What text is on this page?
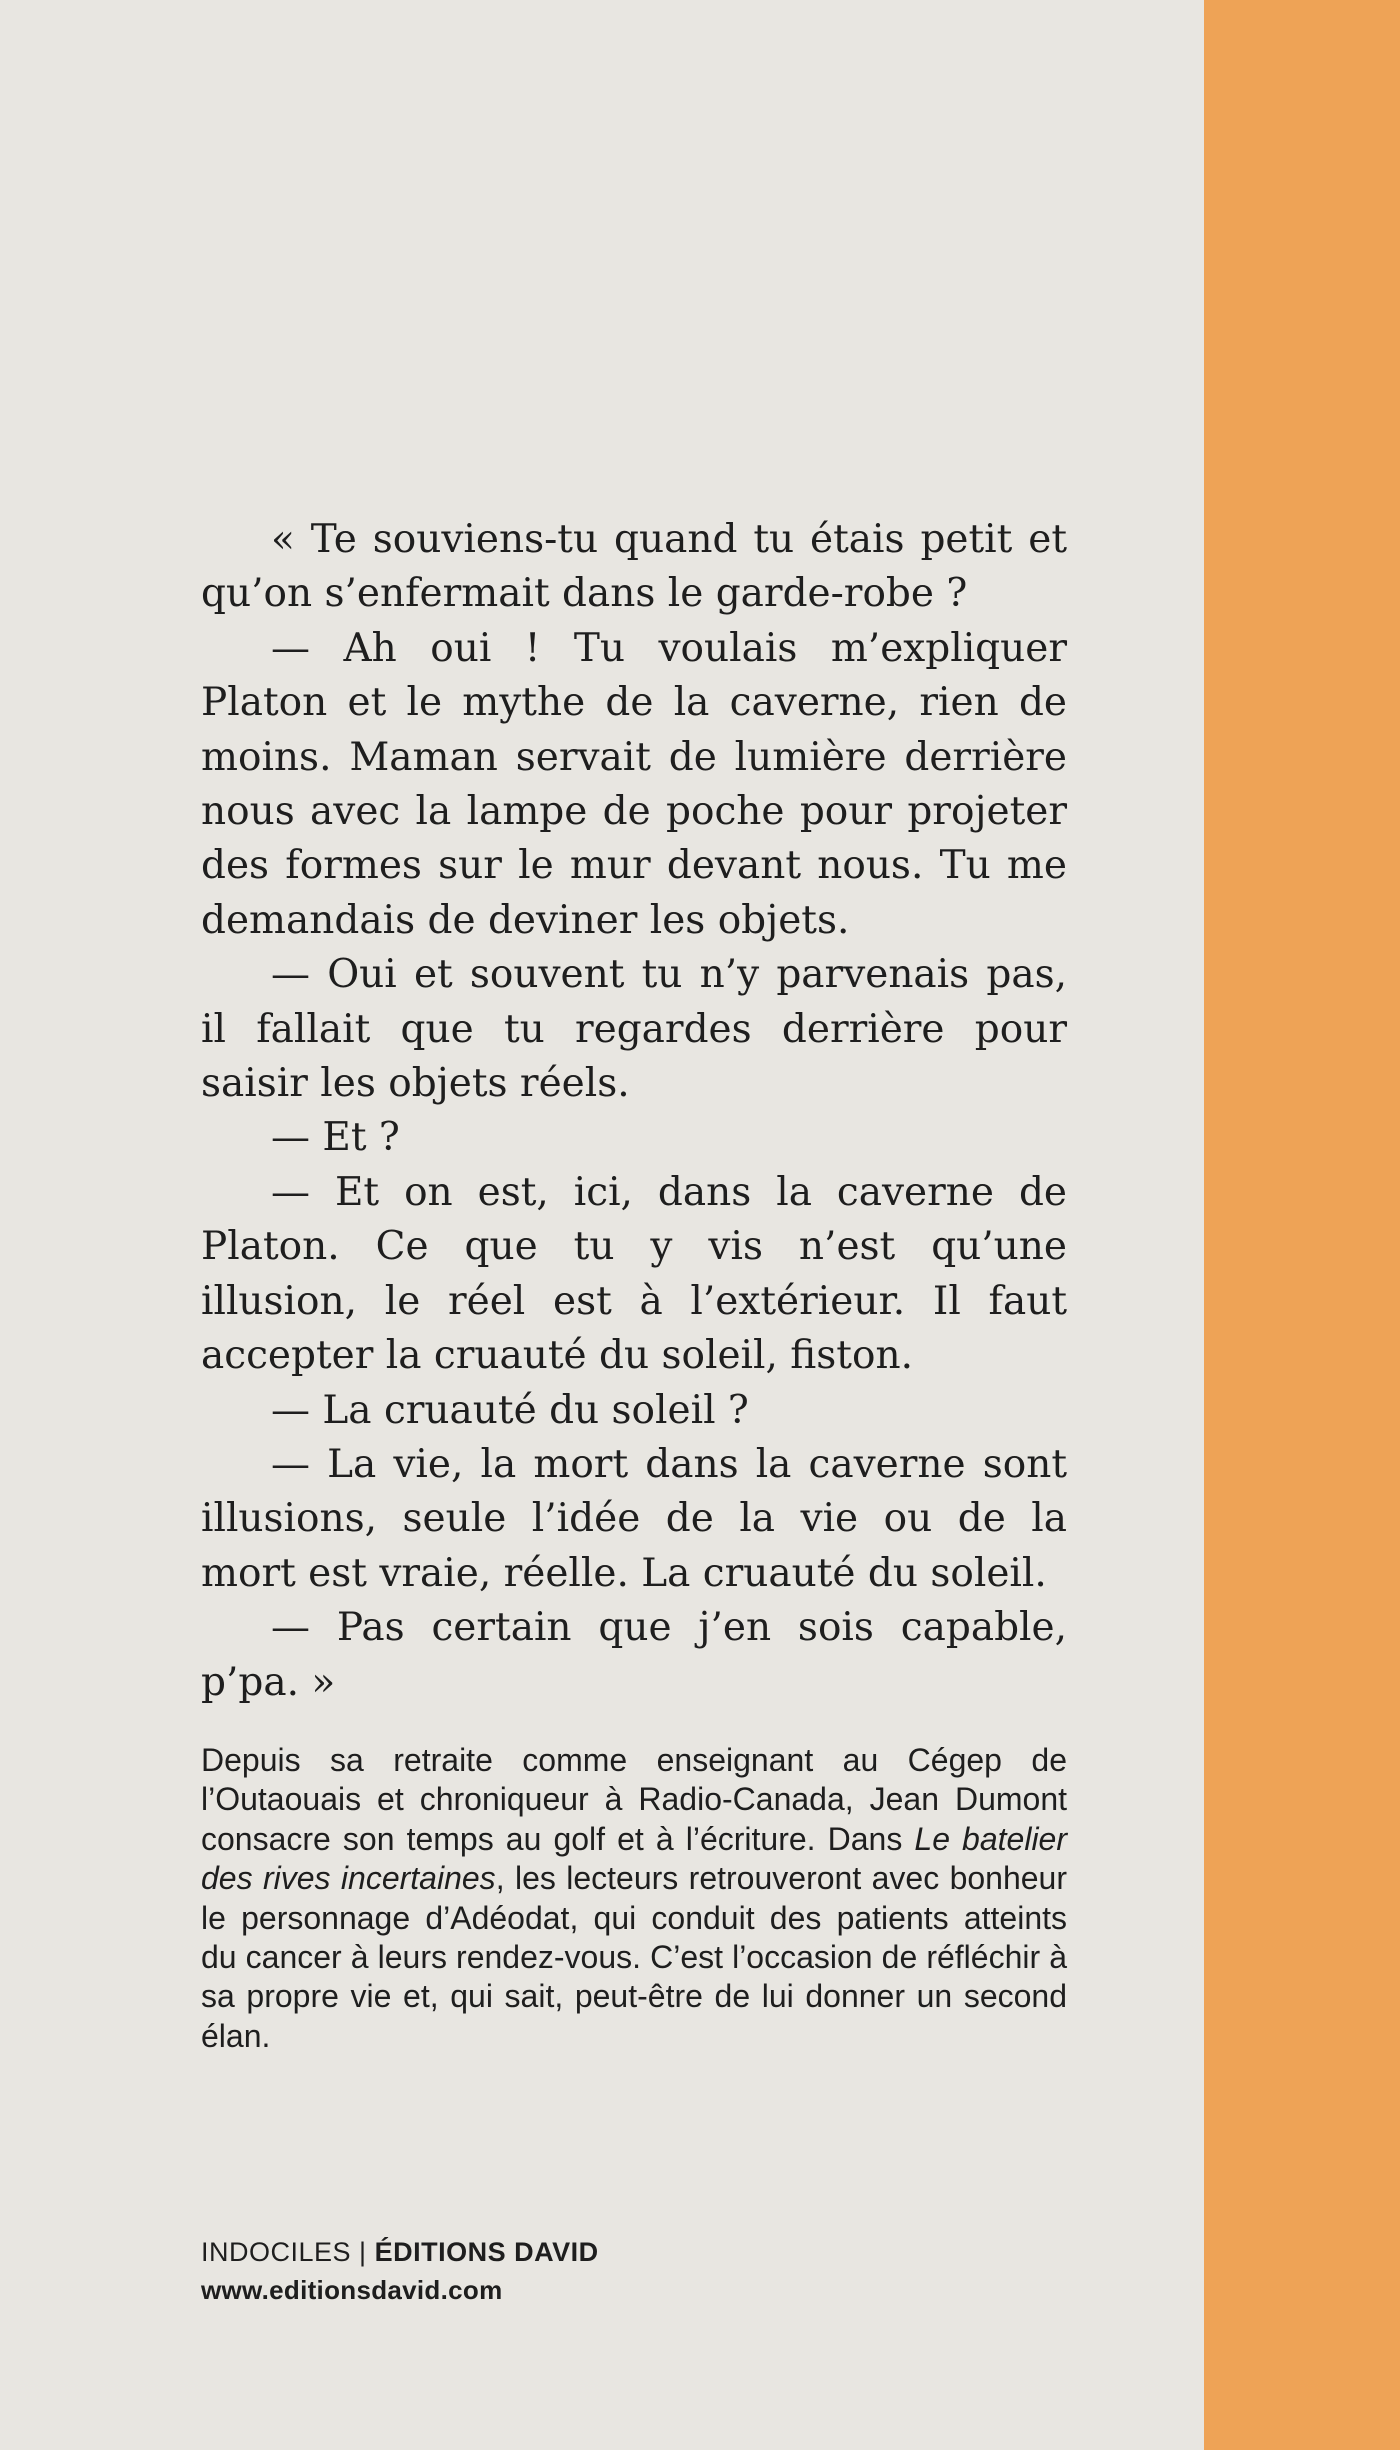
« Te souviens-tu quand tu étais petit et qu’on s’enfermait dans le garde-robe ?

— Ah oui ! Tu voulais m’expliquer Platon et le mythe de la caverne, rien de moins. Maman servait de lumière derrière nous avec la lampe de poche pour projeter des formes sur le mur devant nous. Tu me demandais de deviner les objets.

— Oui et souvent tu n’y parvenais pas, il fallait que tu regardes derrière pour saisir les objets réels.

— Et ?

— Et on est, ici, dans la caverne de Platon. Ce que tu y vis n’est qu’une illusion, le réel est à l’extérieur. Il faut accepter la cruauté du soleil, fiston.

— La cruauté du soleil ?

— La vie, la mort dans la caverne sont illusions, seule l’idée de la vie ou de la mort est vraie, réelle. La cruauté du soleil.

— Pas certain que j’en sois capable, p’pa. »

Depuis sa retraite comme enseignant au Cégep de l’Outaouais et chroniqueur à Radio-Canada, Jean Dumont consacre son temps au golf et à l’écriture. Dans Le batelier des rives incertaines, les lecteurs retrouveront avec bonheur le personnage d’Adéodat, qui conduit des patients atteints du cancer à leurs rendez-vous. C’est l’occasion de réfléchir à sa propre vie et, qui sait, peut-être de lui donner un second élan.

INDOCILES | ÉDITIONS DAVID
www.editionsdavid.com
